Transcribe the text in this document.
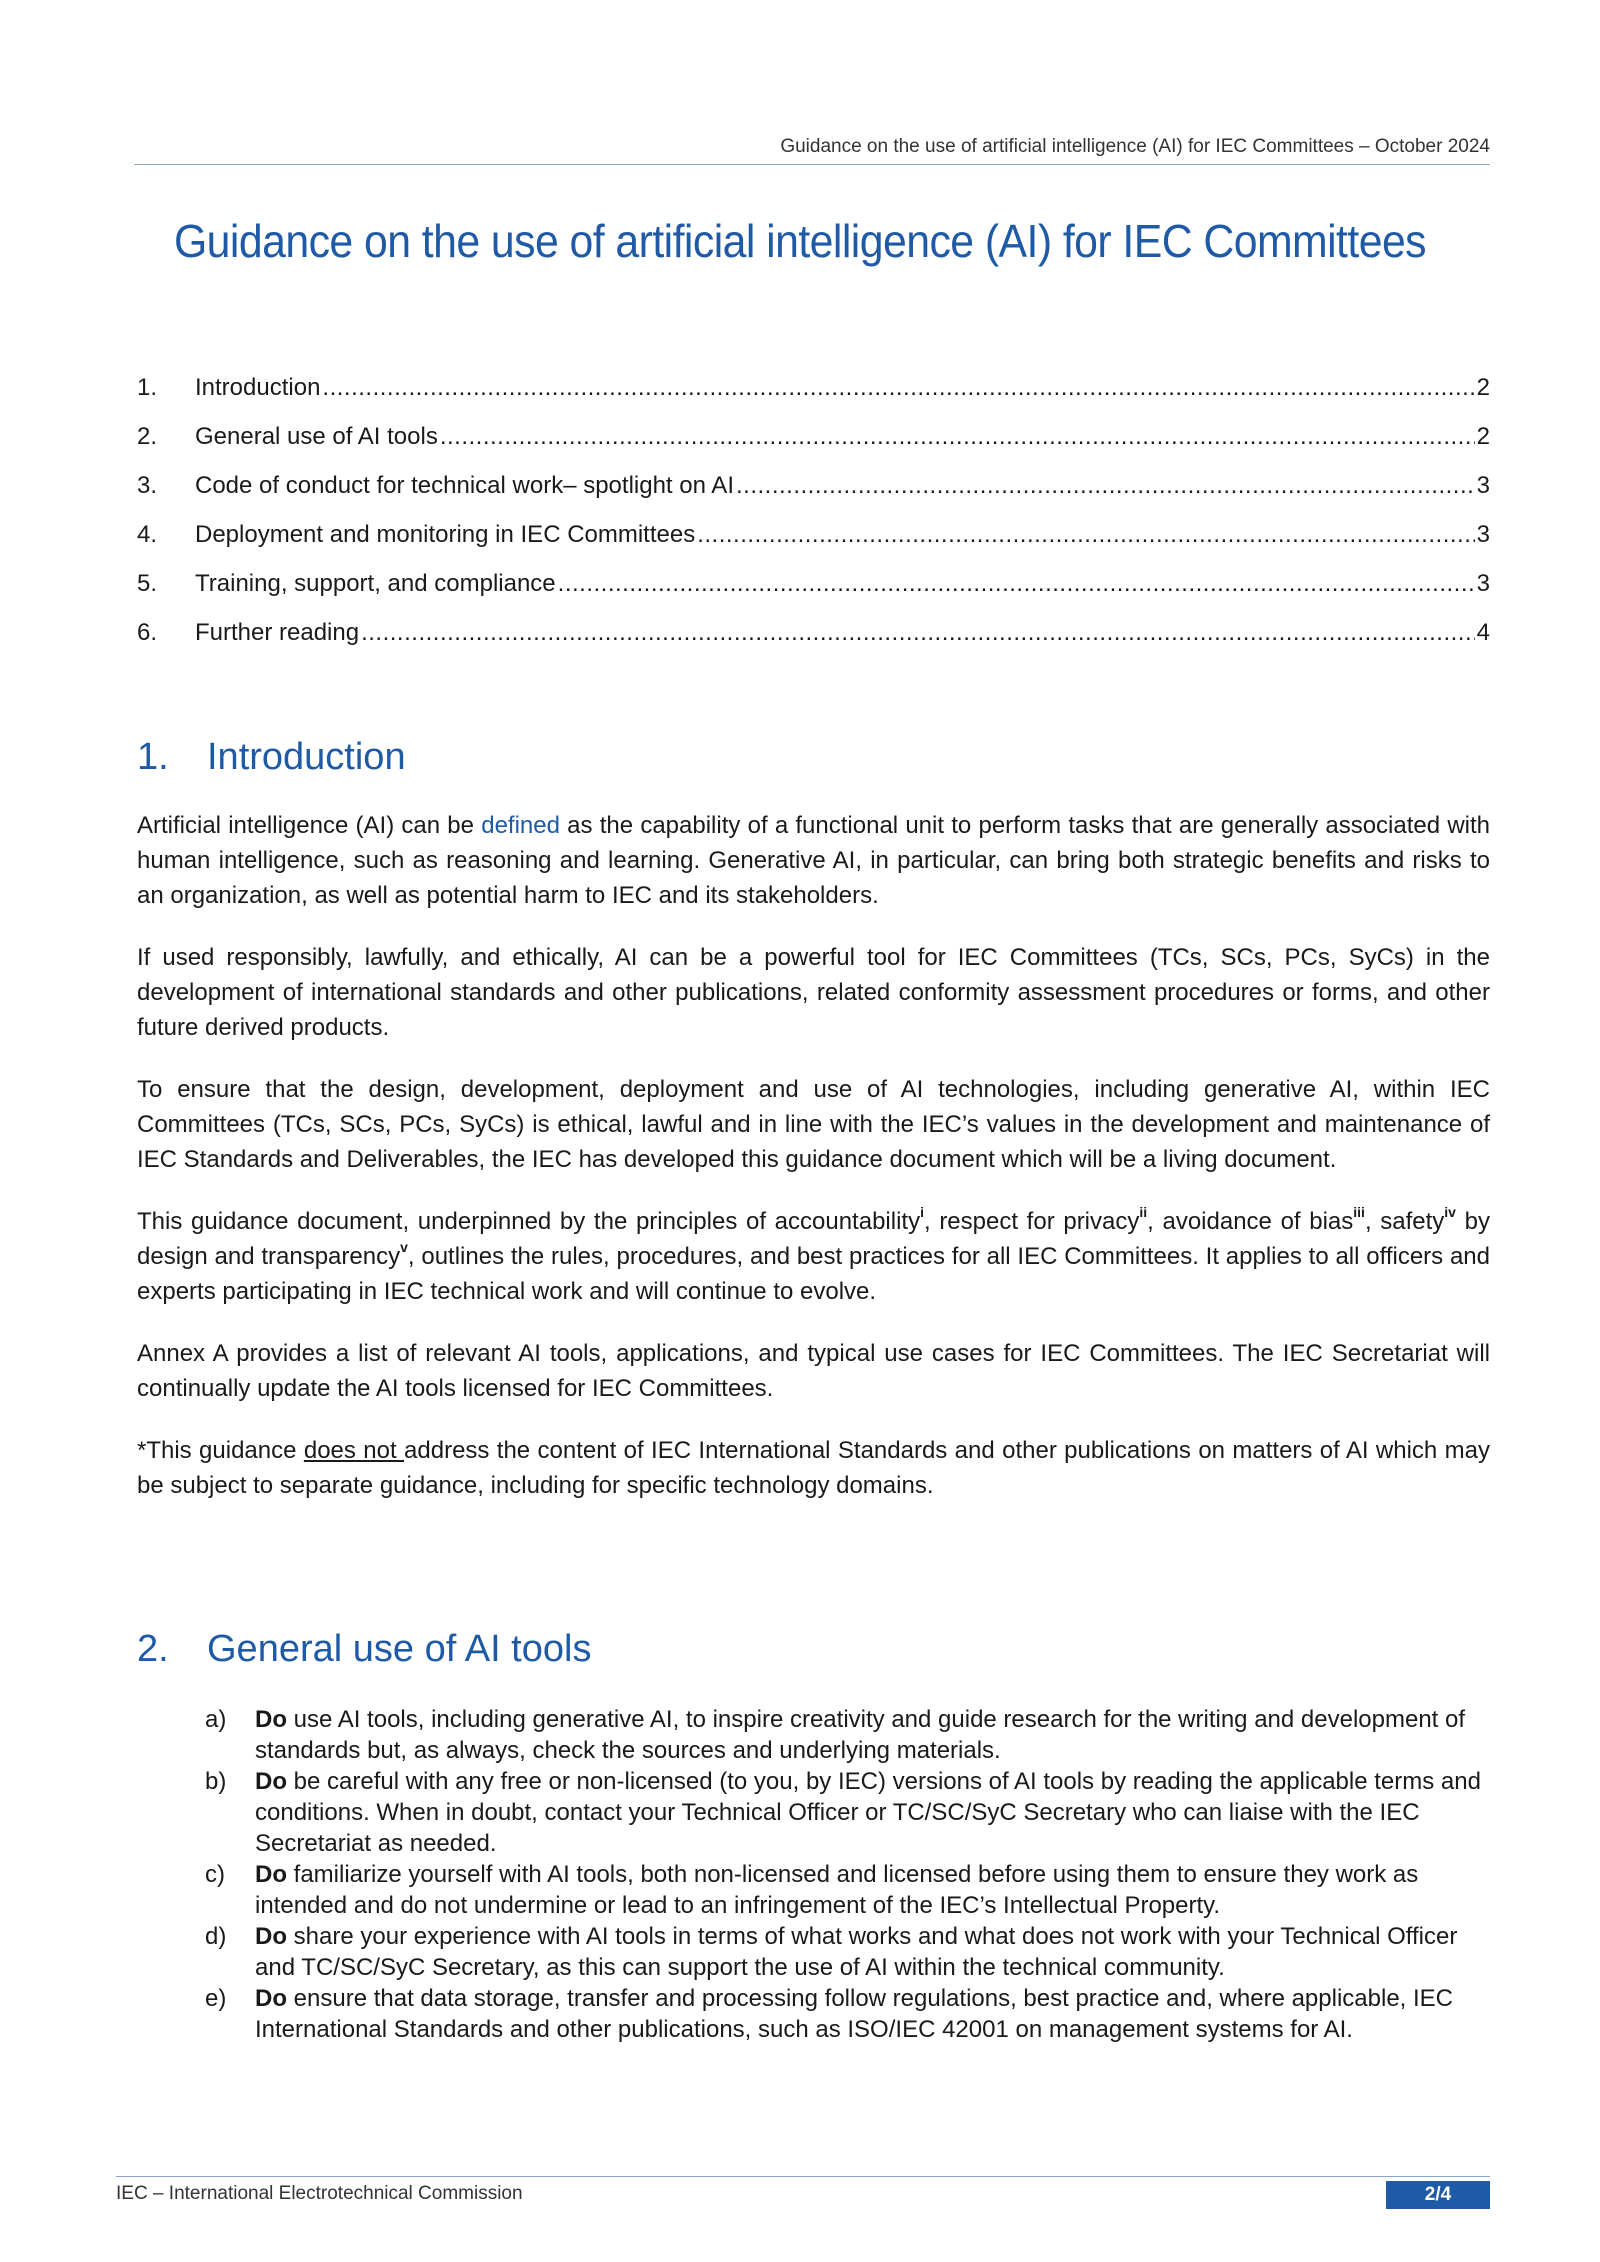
Guidance on the use of artificial intelligence (AI) for IEC Committees – October 2024
Guidance on the use of artificial intelligence (AI) for IEC Committees
1.	Introduction .....	2
2.	General use of AI tools .....	2
3.	Code of conduct for technical work– spotlight on AI .....	3
4.	Deployment and monitoring in IEC Committees .....	3
5.	Training, support, and compliance .....	3
6.	Further reading .....	4
1.	Introduction

Artificial intelligence (AI) can be defined as the capability of a functional unit to perform tasks that are generally associated with human intelligence, such as reasoning and learning. Generative AI, in particular, can bring both strategic benefits and risks to an organization, as well as potential harm to IEC and its stakeholders.

If used responsibly, lawfully, and ethically, AI can be a powerful tool for IEC Committees (TCs, SCs, PCs, SyCs) in the development of international standards and other publications, related conformity assessment procedures or forms, and other future derived products.

To ensure that the design, development, deployment and use of AI technologies, including generative AI, within IEC Committees (TCs, SCs, PCs, SyCs) is ethical, lawful and in line with the IEC’s values in the development and maintenance of IEC Standards and Deliverables, the IEC has developed this guidance document which will be a living document.

This guidance document, underpinned by the principles of accountability$^i$, respect for privacy$^{ii}$, avoidance of bias$^{iii}$, safety$^{iv}$ by design and transparency$^v$, outlines the rules, procedures, and best practices for all IEC Committees. It applies to all officers and experts participating in IEC technical work and will continue to evolve.

Annex A provides a list of relevant AI tools, applications, and typical use cases for IEC Committees. The IEC Secretariat will continually update the AI tools licensed for IEC Committees.

*This guidance does not address the content of IEC International Standards and other publications on matters of AI which may be subject to separate guidance, including for specific technology domains.

2.	General use of AI tools
a)	Do use AI tools, including generative AI, to inspire creativity and guide research for the writing and development of standards but, as always, check the sources and underlying materials.
b)	Do be careful with any free or non-licensed (to you, by IEC) versions of AI tools by reading the applicable terms and conditions. When in doubt, contact your Technical Officer or TC/SC/SyC Secretary who can liaise with the IEC Secretariat as needed.
c)	Do familiarize yourself with AI tools, both non-licensed and licensed before using them to ensure they work as intended and do not undermine or lead to an infringement of the IEC’s Intellectual Property.
d)	Do share your experience with AI tools in terms of what works and what does not work with your Technical Officer and TC/SC/SyC Secretary, as this can support the use of AI within the technical community.
e)	Do ensure that data storage, transfer and processing follow regulations, best practice and, where applicable, IEC International Standards and other publications, such as ISO/IEC 42001 on management systems for AI.
IEC – International Electrotechnical Commission	2/4
